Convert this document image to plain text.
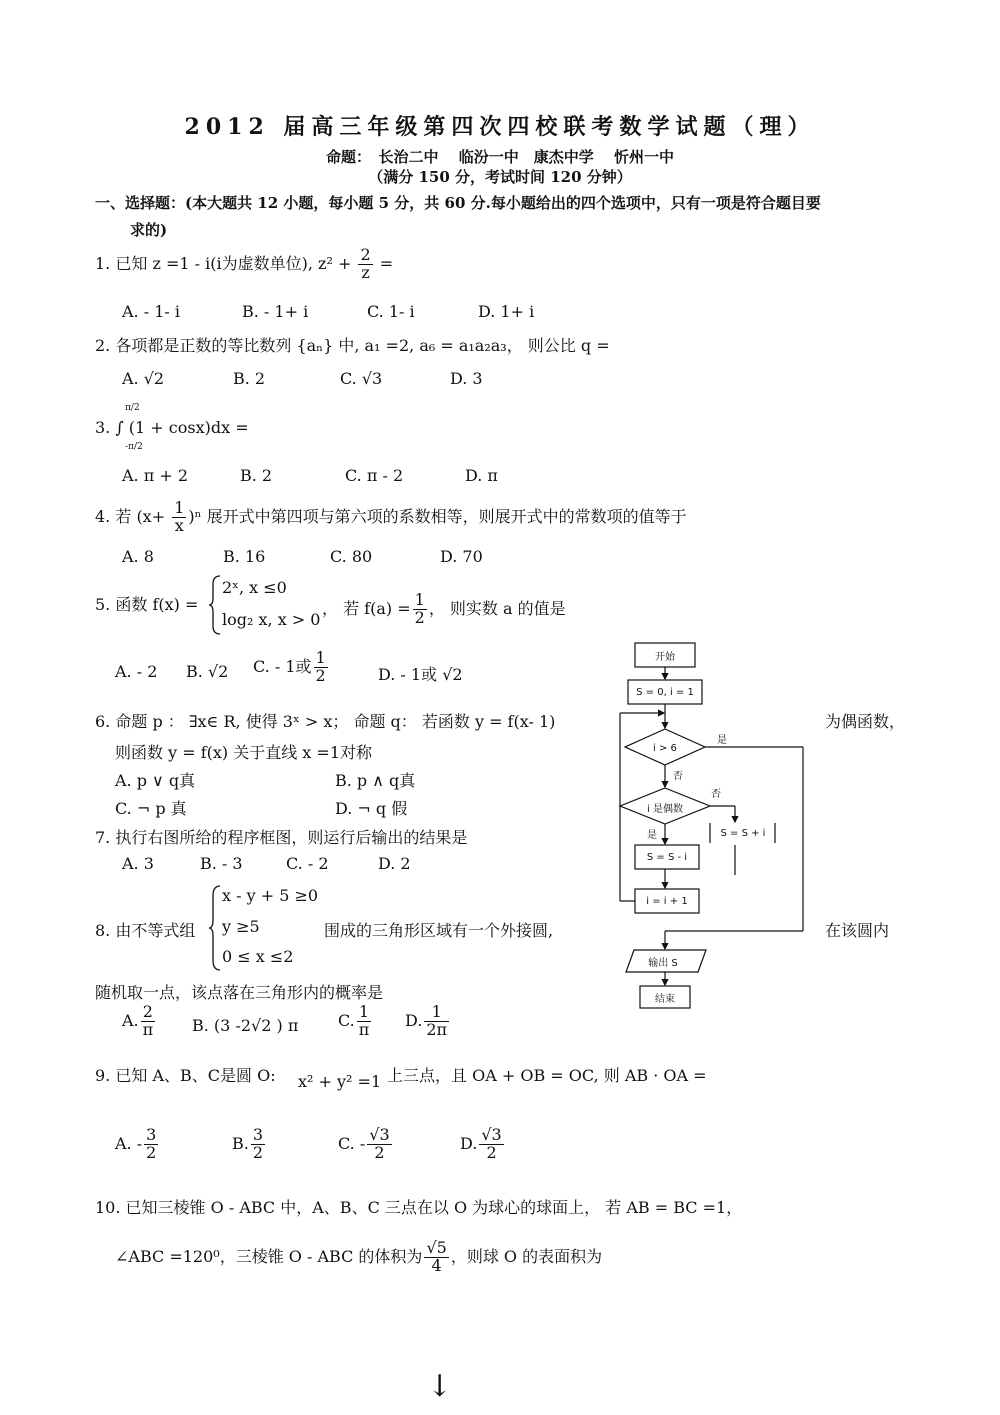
2012 届高三年级第四次四校联考数学试题（理）
命题：　长治二中　 临汾一中　康杰中学　 忻州一中
（满分 150 分，考试时间 120 分钟）
一、选择题：(本大题共 12 小题，每小题 5 分，共 60 分.每小题给出的四个选项中，只有一项是符合题目要
求的)
1. 已知 z =1 - i(i为虚数单位), $z^2 + \frac{2}{z}$ =
A. - 1- i	B. - 1+ i	C. 1- i	D. 1+ i
2. 各项都是正数的等比数列 {aₙ} 中, a₁ =2, a₆ = a₁a₂a₃， 则公比 q =
A. √2	B. 2	C. √3	D. 3
π/2
-π/2
3. ∫ (1 + cosx)dx =
A. π + 2	B. 2	C. π - 2	D. π
4. 若 $(x+ \frac{1}{x} )^n$ 展开式中第四项与第六项的系数相等，则展开式中的常数项的值等于
A. 8	B. 16	C. 80	D. 70
5. 函数 f(x) =
2ˣ, x ≤0
log₂ x, x > 0
， 若 $f(a) = \frac{1}{2}$ ， 则实数 a 的值是
A. - 2 B. √2 C. - 1或 $\frac{1}{2}$	D. - 1或 √2
6. 命题 p ： ∃x∈ R, 使得 3ˣ > x； 命题 q： 若函数 y = f(x- 1)	为偶函数，
则函数 y = f(x) 关于直线 x =1对称
A. p ∨ q真	B. p ∧ q真
C. ¬ p 真	D. ¬ q 假
7. 执行右图所给的程序框图，则运行后输出的结果是
A. 3	B. - 3	C. - 2	D. 2
8. 由不等式组
x - y + 5 ≥0
y ≥5
0 ≤ x ≤2
围成的三角形区域有一个外接圆,	在该圆内
随机取一点，该点落在三角形内的概率是
A. $\frac{2}{\pi} B$. (3 -2√2 ) π C. $\frac{1}{\pi} D$. $\frac{1}{2\pi}$
9. 已知 A、B、C是圆 O: x² + y² =1 上三点，且 OA + OB = OC, 则 AB · OA =
A. - $\frac{3}{2}$	B. $\frac{3}{2}$	C. - $\frac{√3}{2}$	D. $\frac{√3}{2}$
10. 已知三棱锥 O - ABC 中，A、B、C 三点在以 O 为球心的球面上， 若 AB = BC =1，
∠ABC =120⁰，三棱锥 O - ABC 的体积为 $\frac{√5}{4}$ ，则球 O 的表面积为
开始
S = 0, i = 1
i > 6
是
否
i 是偶数
否
是
S = S - i
S = S + i
i = i + 1
输出 S
结束
↓
